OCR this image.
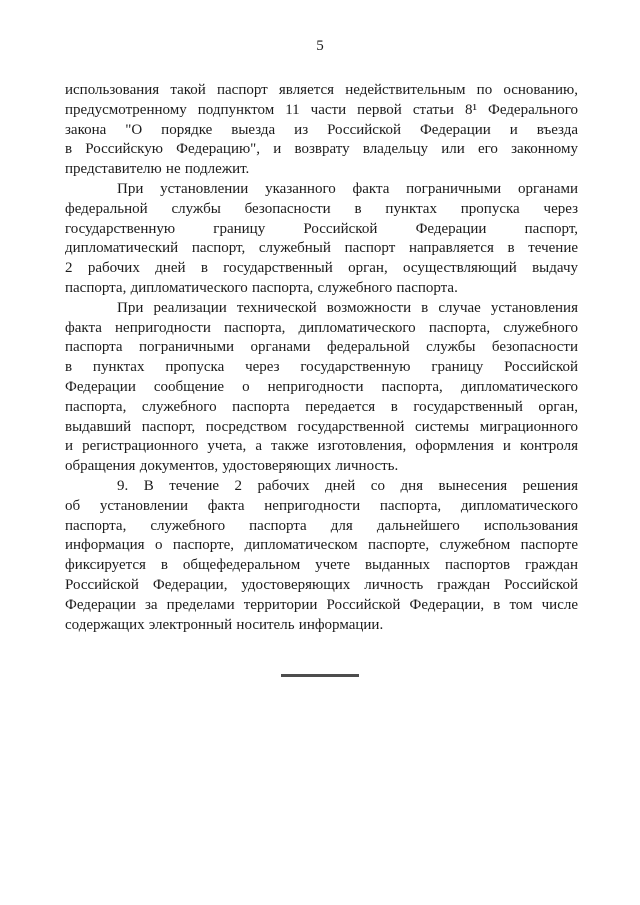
5

использования такой паспорт является недействительным по основанию,
предусмотренному подпунктом 11 части первой статьи 8¹ Федерального
закона "О порядке выезда из Российской Федерации и въезда
в Российскую Федерацию", и возврату владельцу или его законному
представителю не подлежит.

При установлении указанного факта пограничными органами
федеральной службы безопасности в пунктах пропуска через
государственную границу Российской Федерации паспорт,
дипломатический паспорт, служебный паспорт направляется в течение
2 рабочих дней в государственный орган, осуществляющий выдачу
паспорта, дипломатического паспорта, служебного паспорта.

При реализации технической возможности в случае установления
факта непригодности паспорта, дипломатического паспорта, служебного
паспорта пограничными органами федеральной службы безопасности
в пунктах пропуска через государственную границу Российской
Федерации сообщение о непригодности паспорта, дипломатического
паспорта, служебного паспорта передается в государственный орган,
выдавший паспорт, посредством государственной системы миграционного
и регистрационного учета, а также изготовления, оформления и контроля
обращения документов, удостоверяющих личность.

9. В течение 2 рабочих дней со дня вынесения решения
об установлении факта непригодности паспорта, дипломатического
паспорта, служебного паспорта для дальнейшего использования
информация о паспорте, дипломатическом паспорте, служебном паспорте
фиксируется в общефедеральном учете выданных паспортов граждан
Российской Федерации, удостоверяющих личность граждан Российской
Федерации за пределами территории Российской Федерации, в том числе
содержащих электронный носитель информации.
